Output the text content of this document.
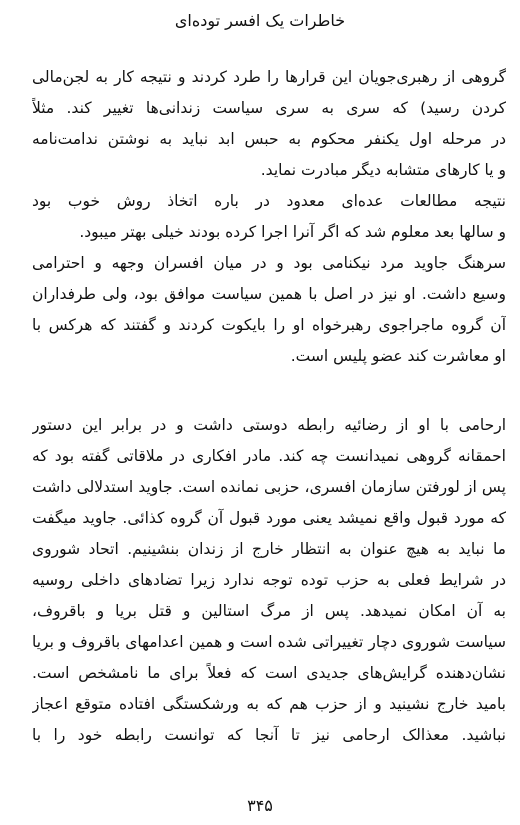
خاطرات یک افسر توده‌ای
گروهی از رهبری‌جویان این قرارها را طرد کردند و نتیجه کار به لجن‌مالی
کردن رسید) که سری به سری سیاست زندانی‌ها تغییر کند. مثلاً
در مرحله اول یکنفر محکوم به حبس ابد نباید به نوشتن ندامت‌نامه
و یا کارهای متشابه دیگر مبادرت نماید.
نتیجه مطالعات عده‌ای معدود در باره اتخاذ روش خوب بود
و سالها بعد معلوم شد که اگر آنرا اجرا کرده بودند خیلی بهتر میبود.
سرهنگ جاوید مرد نیکنامی بود و در میان افسران وجهه و احترامی
وسیع داشت. او نیز در اصل با همین سیاست موافق بود، ولی طرفداران
آن گروه ماجراجوی رهبرخواه او را بایکوت کردند و گفتند که هرکس با
او معاشرت کند عضو پلیس است.
ارحامی با او از رضائیه رابطه دوستی داشت و در برابر این دستور
احمقانه گروهی نمیدانست چه کند. مادر افکاری در ملاقاتی گفته بود که
پس از لورفتن سازمان افسری، حزبی نمانده است. جاوید استدلالی داشت
که مورد قبول واقع نمیشد یعنی مورد قبول آن گروه کذائی. جاوید میگفت
ما نباید به هیچ عنوان به انتظار خارج از زندان بنشینیم. اتحاد شوروی
در شرایط فعلی به حزب توده توجه ندارد زیرا تضادهای داخلی روسیه
به آن امکان نمیدهد. پس از مرگ استالین و قتل بریا و باقروف،
سیاست شوروی دچار تغییراتی شده است و همین اعدامهای باقروف و بریا
نشان‌دهنده گرایش‌های جدیدی است که فعلاً برای ما نامشخص است.
بامید خارج نشینید و از حزب هم که به ورشکستگی افتاده متوقع اعجاز
نباشید. معذالک ارحامی نیز تا آنجا که توانست رابطه خود را با
۳۴۵
